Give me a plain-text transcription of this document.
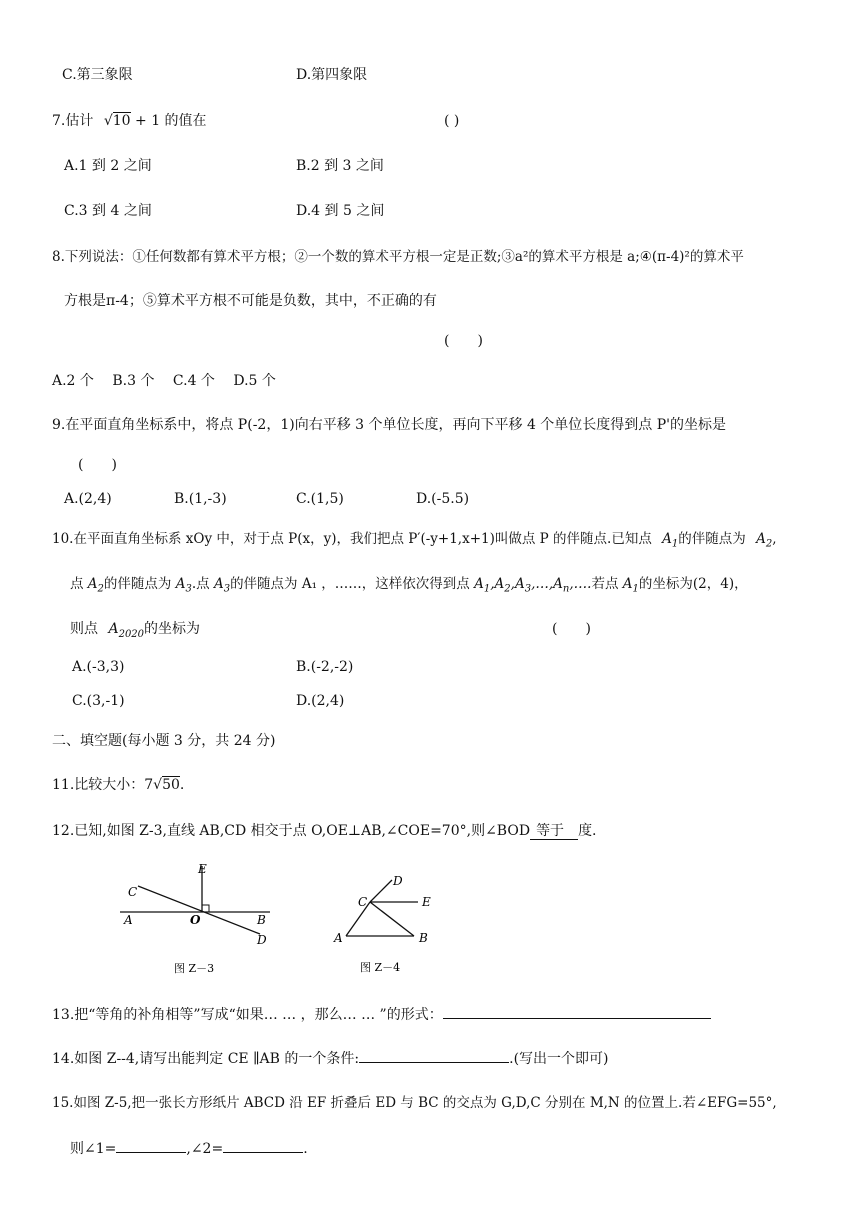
C.第三象限	D.第四象限
7.估计 √10 + 1 的值在	( )
A.1 到 2 之间	B.2 到 3 之间
C.3 到 4 之间	D.4 到 5 之间
8.下列说法：①任何数都有算术平方根；②一个数的算术平方根一定是正数;③a²的算术平方根是 a;④(π-4)²的算术平
方根是π-4；⑤算术平方根不可能是负数，其中，不正确的有
(　　)
A.2 个　 B.3 个　 C.4 个　 D.5 个
9.在平面直角坐标系中，将点 P(-2，1)向右平移 3 个单位长度，再向下平移 4 个单位长度得到点 P'的坐标是
(　　)
A.(2,4)	B.(1,-3)	C.(1,5)	D.(-5.5)
10.在平面直角坐标系 xOy 中，对于点 P(x，y)，我们把点 P′(-y+1,x+1)叫做点 P 的伴随点.已知点 $A_1$的伴随点为 $A_2$,
点 $A_2$的伴随点为 $A_3$.点 $A_3$的伴随点为 A₁ ，……，这样依次得到点 $A_1,A_2,A_3,\dots,A_n,\dots$.若点 $A_1$的坐标为(2，4)，
则点 $A_{2020}$的坐标为	(　　)
A.(-3,3)	B.(-2,-2)
C.(3,-1)	D.(2,4)
二、填空题(每小题 3 分，共 24 分)
11.比较大小：7√50.
12.已知,如图 Z-3,直线 AB,CD 相交于点 O,OE⊥AB,∠COE=70°,则∠BOD 等于 度.
C
E
A	O	B
D
图 Z－3
D
C	E
A	B
图 Z－4
13.把“等角的补角相等”写成“如果… … ，那么… … ”的形式：
14.如图 Z--4,请写出能判定 CE ∥AB 的一个条件:	.(写出一个即可)
15.如图 Z-5,把一张长方形纸片 ABCD 沿 EF 折叠后 ED 与 BC 的交点为 G,D,C 分别在 M,N 的位置上.若∠EFG=55°,
则∠1=	,∠2=	.
